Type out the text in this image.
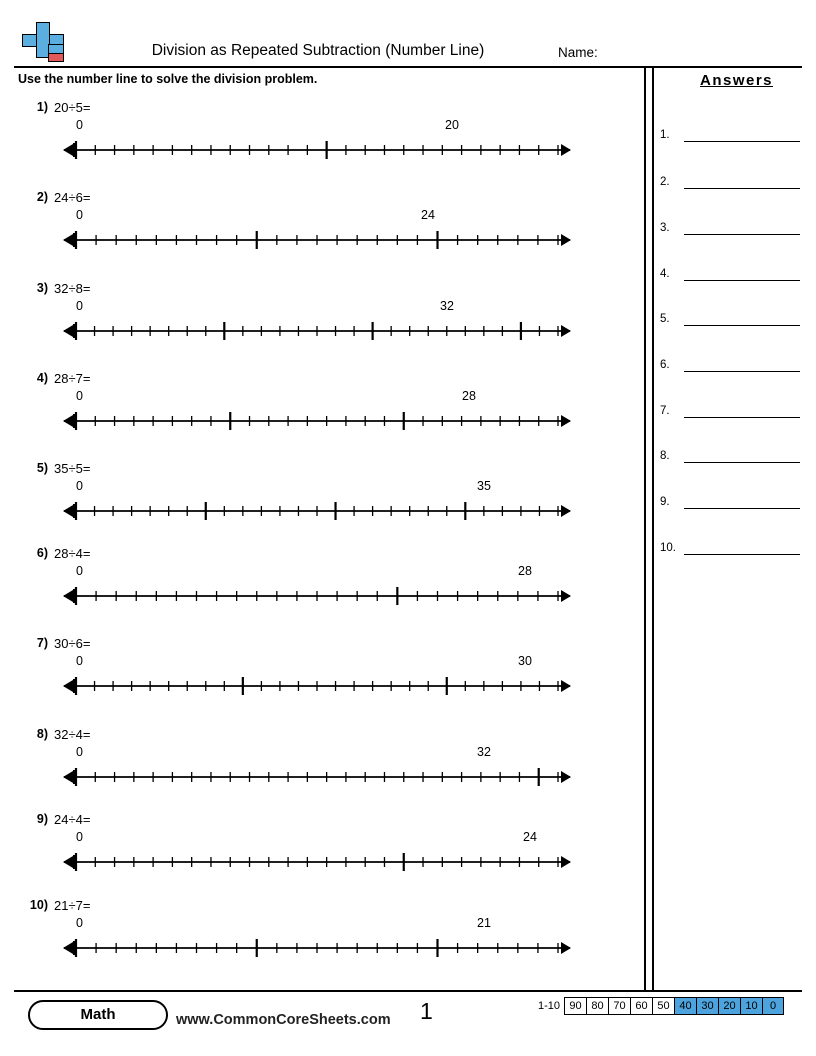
Division as Repeated Subtraction (Number Line)	Name:
Use the number line to solve the division problem.	Answers
1.
2.
3.
4.
5.
6.
7.
8.
9.
10.
1) 20÷5=
0	20
2) 24÷6=
0	24
3) 32÷8=
0	32
4) 28÷7=
0	28
5) 35÷5=
0	35
6) 28÷4=
0	28
7) 30÷6=
0	30
8) 32÷4=
0	32
9) 24÷4=
0	24
10) 21÷7=
0	21
Math	www.CommonCoreSheets.com 1	1-10 90 80 70 60 50 40 30 20 10	0
